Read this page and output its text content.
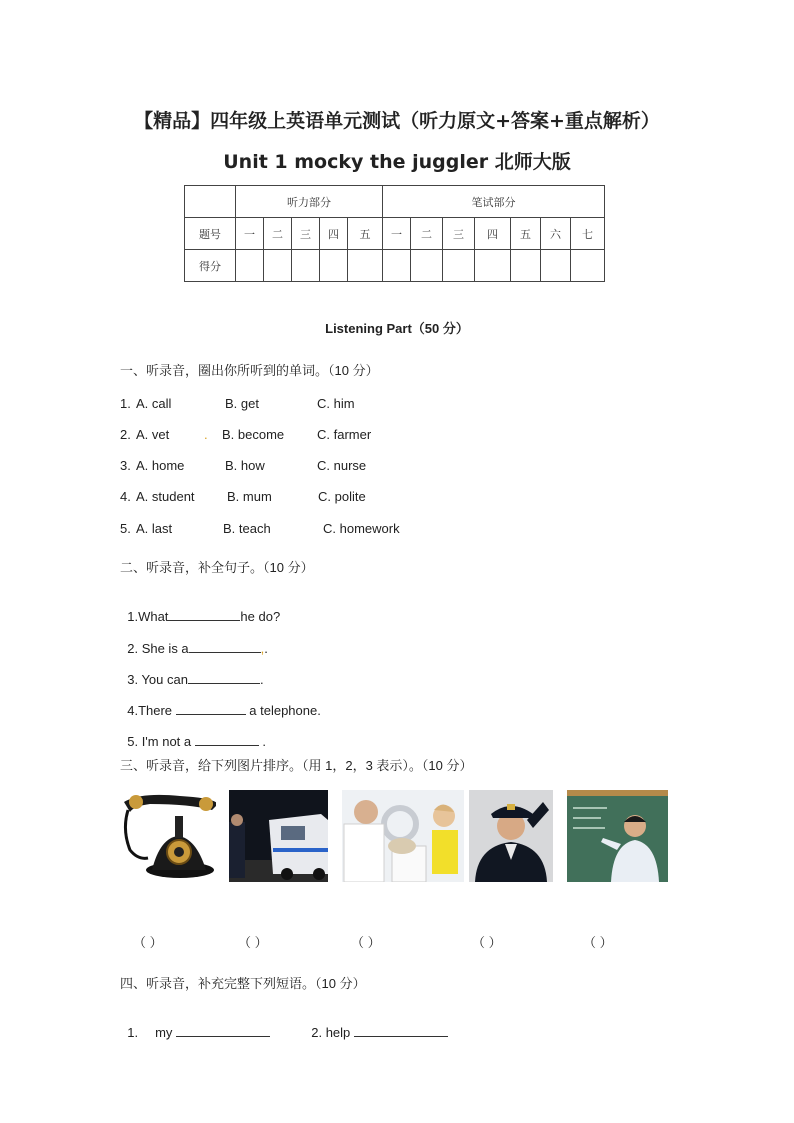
【精品】四年级上英语单元测试（听力原文+答案+重点解析）
Unit 1 mocky the juggler 北师大版
	听力部分					笔试部分						
题号	一	二	三	四	五	一	二	三	四	五	六	七
得分												
Listening Part（50 分）
一、听录音，圈出你所听到的单词。（10 分）
1. A. call	B. get	C. him
2. A. vet	. B. become	C. farmer
3. A. home	B. how	C. nurse
4. A. student B. mum	C. polite
5. A. last	B. teach	C. homework
二、听录音，补全句子。（10 分）

1.What	he do?

2. She is a	,.

3. You can	.

4.There	a telephone.

5. I'm not a	.

三、听录音，给下列图片排序。（用 1，2，3 表示）。（10 分）
（ ）	（ ）	（ ）	（ ）	（ ）
四、听录音，补充完整下列短语。（10 分）

1. my	2. help
